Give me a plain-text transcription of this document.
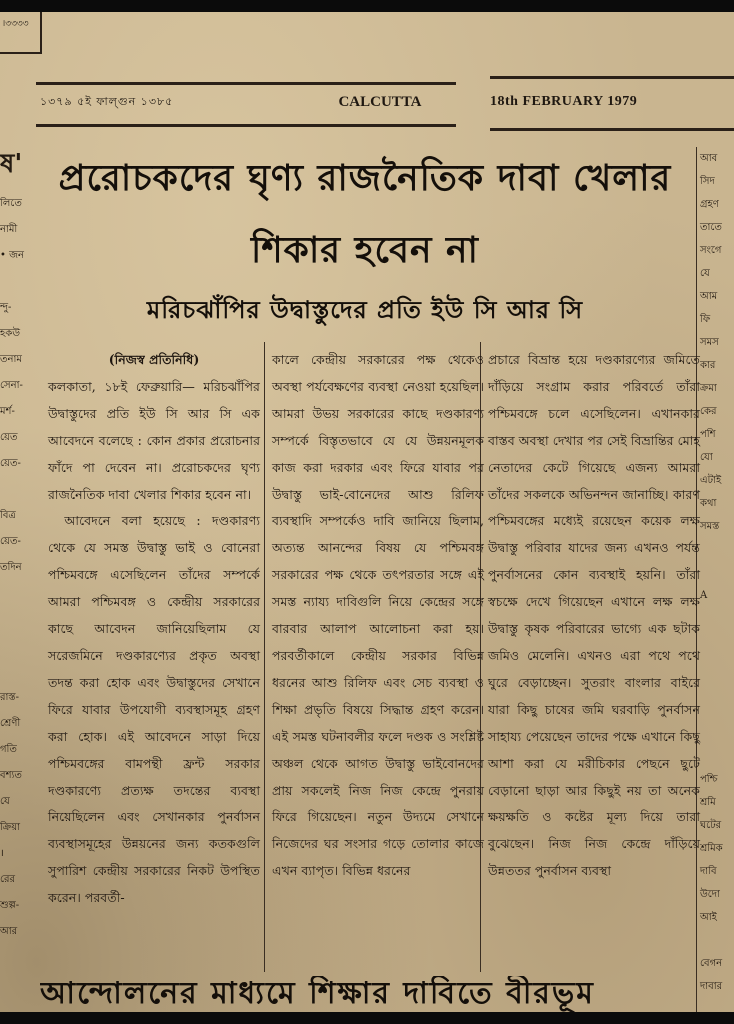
।৩৩৩৩
১৩৭৯ ৫ই ফাল্গুন ১৩৮৫	CALCUTTA	18th FEBRUARY 1979
ষ'
লিতে
নামী
• জন

ন্দু-
হকউ
তনাম
সেনা-
মর্শ-
য়েত
য়েত-

বিত্র
য়েত-
তদিন

রাস্ত-
শ্রেণী
গতি
বশ্যত
যে
ক্রিয়া
।
রের
শুল্প-
আর
আব
সিদ
গ্রহণ
তাতে
সংগে
যে
আম
ফি
সমস
কার
ক্রমা
কের
পশি
যো
এটাই
কথা
সমস্ত

A

পশ্চি
শ্রমি
ঘটের
শ্রমিক
দাবি
উদো
আই

বেগন
দাবার
প্ররোচকদের ঘৃণ্য রাজনৈতিক দাবা খেলার
শিকার হবেন না
মরিচঝাঁপির উদ্বাস্তুদের প্রতি ইউ সি আর সি

(নিজস্ব প্রতিনিধি)

কলকাতা, ১৮ই ফেব্রুয়ারি— মরিচঝাঁপির উদ্বাস্তুদের প্রতি ইউ সি আর সি এক আবেদনে বলেছে : কোন প্রকার প্ররোচনার ফাঁদে পা দেবেন না। প্ররোচকদের ঘৃণ্য রাজনৈতিক দাবা খেলার শিকার হবেন না।

আবেদনে বলা হয়েছে : দণ্ডকারণ্য থেকে যে সমস্ত উদ্বাস্তু ভাই ও বোনেরা পশ্চিমবঙ্গে এসেছিলেন তাঁদের সম্পর্কে আমরা পশ্চিমবঙ্গ ও কেন্দ্রীয় সরকারের কাছে আবেদন জানিয়েছিলাম যে সরেজমিনে দণ্ডকারণ্যের প্রকৃত অবস্থা তদন্ত করা হোক এবং উদ্বাস্তুদের সেখানে ফিরে যাবার উপযোগী ব্যবস্থাসমূহ গ্রহণ করা হোক। এই আবেদনে সাড়া দিয়ে পশ্চিমবঙ্গের বামপন্থী ফ্রন্ট সরকার দণ্ডকারণ্যে প্রত্যক্ষ তদন্তের ব্যবস্থা নিয়েছিলেন এবং সেখানকার পুনর্বাসন ব্যবস্থাসমূহের উন্নয়নের জন্য কতকগুলি সুপারিশ কেন্দ্রীয় সরকারের নিকট উপস্থিত করেন। পরবর্তী-

কালে কেন্দ্রীয় সরকারের পক্ষ থেকেও অবস্থা পর্যবেক্ষণের ব্যবস্থা নেওয়া হয়েছিল। আমরা উভয় সরকারের কাছে দণ্ডকারণ্য সম্পর্কে বিস্তৃতভাবে যে যে উন্নয়নমূলক কাজ করা দরকার এবং ফিরে যাবার পর উদ্বাস্তু ভাই-বোনেদের আশু রিলিফ ব্যবস্থাদি সম্পর্কেও দাবি জানিয়ে ছিলাম, অত্যন্ত আনন্দের বিষয় যে পশ্চিমবঙ্গ সরকারের পক্ষ থেকে তৎপরতার সঙ্গে এই সমস্ত ন্যায্য দাবিগুলি নিয়ে কেন্দ্রের সঙ্গে বারবার আলাপ আলোচনা করা হয়। পরবর্তীকালে কেন্দ্রীয় সরকার বিভিন্ন ধরনের আশু রিলিফ এবং সেচ ব্যবস্থা ও শিক্ষা প্রভৃতি বিষয়ে সিদ্ধান্ত গ্রহণ করেন। এই সমস্ত ঘটনাবলীর ফলে দণ্ডক ও সংশ্লিষ্ট অঞ্চল থেকে আগত উদ্বাস্তু ভাইবোনদের প্রায় সকলেই নিজ নিজ কেন্দ্রে পুনরায় ফিরে গিয়েছেন। নতুন উদ্যমে সেখানে নিজেদের ঘর সংসার গড়ে তোলার কাজে এখন ব্যাপৃত। বিভিন্ন ধরনের

প্রচারে বিভ্রান্ত হয়ে দণ্ডকারণ্যের জমিতে দাঁড়িয়ে সংগ্রাম করার পরিবর্তে তাঁরা পশ্চিমবঙ্গে চলে এসেছিলেন। এখানকার বাস্তব অবস্থা দেখার পর সেই বিভ্রান্তির মোহ নেতাদের কেটে গিয়েছে এজন্য আমরা তাঁদের সকলকে অভিনন্দন জানাচ্ছি। কারণ পশ্চিমবঙ্গের মধ্যেই রয়েছেন কয়েক লক্ষ উদ্বাস্তু পরিবার যাদের জন্য এখনও পর্যন্ত পুনর্বাসনের কোন ব্যবস্থাই হয়নি। তাঁরা স্বচক্ষে দেখে গিয়েছেন এখানে লক্ষ লক্ষ উদ্বাস্তু কৃষক পরিবারের ভাগ্যে এক ছটাক জমিও মেলেনি। এখনও এরা পথে পথে ঘুরে বেড়াচ্ছেন। সুতরাং বাংলার বাইরে যারা কিছু চাষের জমি ঘরবাড়ি পুনর্বাসন সাহায্য পেয়েছেন তাদের পক্ষে এখানে কিছু আশা করা যে মরীচিকার পেছনে ছুটে বেড়ানো ছাড়া আর কিছুই নয় তা অনেক ক্ষয়ক্ষতি ও কষ্টের মূল্য দিয়ে তারা বুঝেছেন। নিজ নিজ কেন্দ্রে দাঁড়িয়ে উন্নততর পুনর্বাসন ব্যবস্থা

আন্দোলনের মাধ্যমে শিক্ষার দাবিতে বীরভূম
